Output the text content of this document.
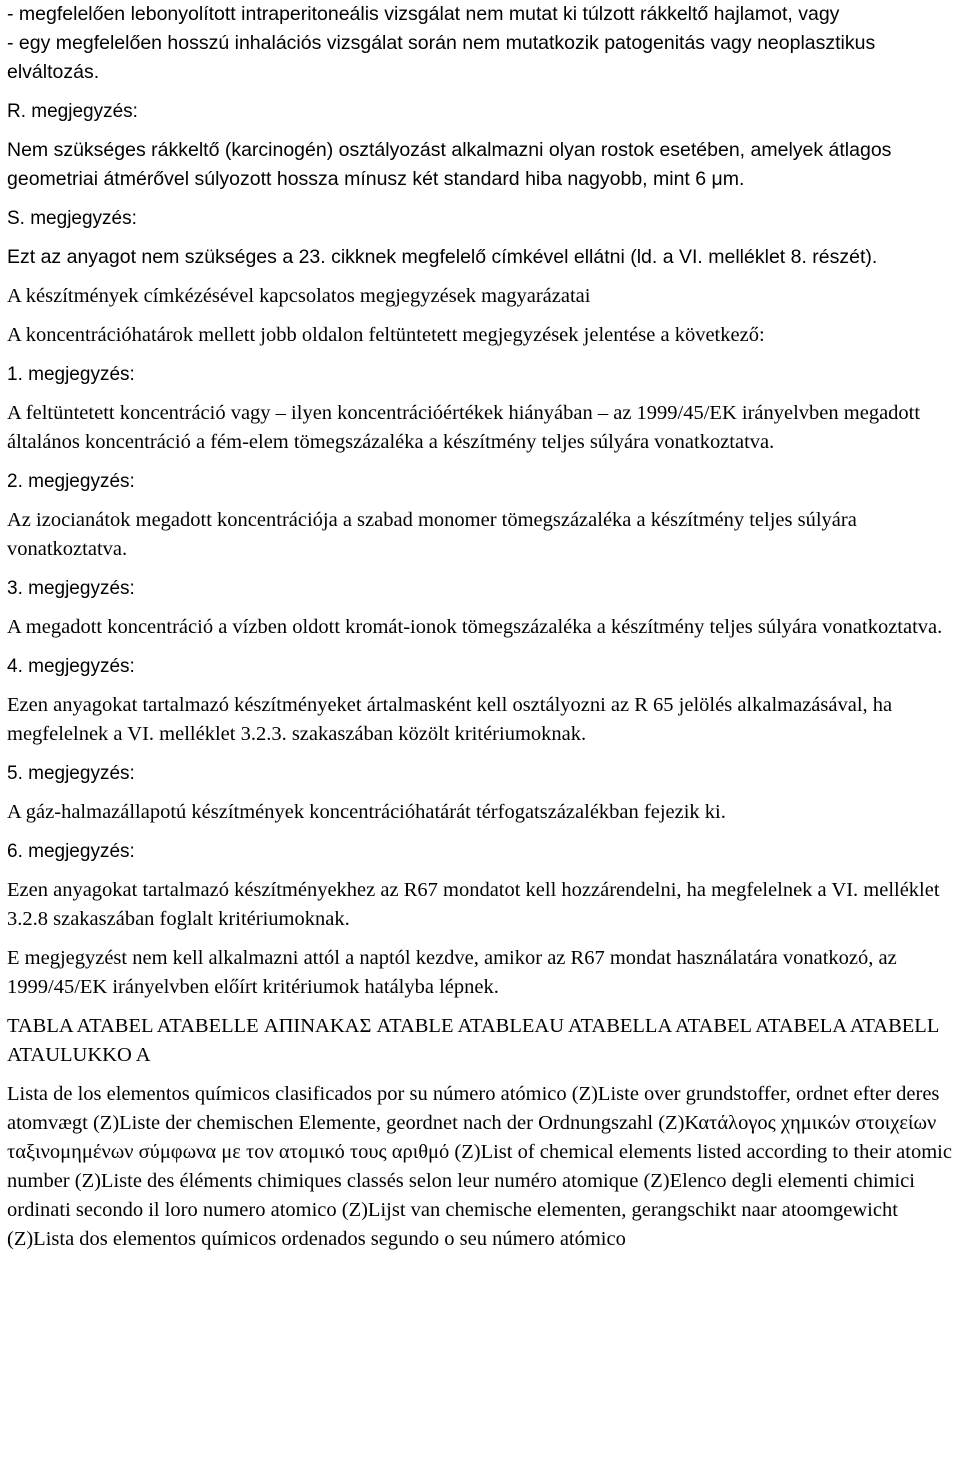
- megfelelően lebonyolított intraperitoneális vizsgálat nem mutat ki túlzott rákkeltő hajlamot, vagy

- egy megfelelően hosszú inhalációs vizsgálat során nem mutatkozik patogenitás vagy neoplasztikus elváltozás.

R. megjegyzés:

Nem szükséges rákkeltő (karcinogén) osztályozást alkalmazni olyan rostok esetében, amelyek átlagos geometriai átmérővel súlyozott hossza mínusz két standard hiba nagyobb, mint 6 μm.

S. megjegyzés:

Ezt az anyagot nem szükséges a 23. cikknek megfelelő címkével ellátni (ld. a VI. melléklet 8. részét).

A készítmények címkézésével kapcsolatos megjegyzések magyarázatai

A koncentrációhatárok mellett jobb oldalon feltüntetett megjegyzések jelentése a következő:

1. megjegyzés:

A feltüntetett koncentráció vagy – ilyen koncentrációértékek hiányában – az 1999/45/EK irányelvben megadott általános koncentráció a fém-elem tömegszázaléka a készítmény teljes súlyára vonatkoztatva.

2. megjegyzés:

Az izocianátok megadott koncentrációja a szabad monomer tömegszázaléka a készítmény teljes súlyára vonatkoztatva.

3. megjegyzés:

A megadott koncentráció a vízben oldott kromát-ionok tömegszázaléka a készítmény teljes súlyára vonatkoztatva.

4. megjegyzés:

Ezen anyagokat tartalmazó készítményeket ártalmasként kell osztályozni az R 65 jelölés alkalmazásával, ha megfelelnek a VI. melléklet 3.2.3. szakaszában közölt kritériumoknak.

5. megjegyzés:

A gáz-halmazállapotú készítmények koncentrációhatárát térfogatszázalékban fejezik ki.

6. megjegyzés:

Ezen anyagokat tartalmazó készítményekhez az R67 mondatot kell hozzárendelni, ha megfelelnek a VI. melléklet 3.2.8 szakaszában foglalt kritériumoknak.

E megjegyzést nem kell alkalmazni attól a naptól kezdve, amikor az R67 mondat használatára vonatkozó, az 1999/45/EK irányelvben előírt kritériumok hatályba lépnek.

TABLA ATABEL ATABELLE ΑΠΙΝΑΚΑΣ ATABLE ATABLEAU ATABELLA ATABEL ATABELA ATABELL ATAULUKKO A

Lista de los elementos químicos clasificados por su número atómico (Z)Liste over grundstoffer, ordnet efter deres atomvægt (Z)Liste der chemischen Elemente, geordnet nach der Ordnungszahl (Z)Κατάλογος χημικών στοιχείων ταξινομημένων σύμφωνα με τον ατομικό τους αριθμό (Z)List of chemical elements listed according to their atomic number (Z)Liste des éléments chimiques classés selon leur numéro atomique (Z)Elenco degli elementi chimici ordinati secondo il loro numero atomico (Z)Lijst van chemische elementen, gerangschikt naar atoomgewicht (Z)Lista dos elementos químicos ordenados segundo o seu número atómico
